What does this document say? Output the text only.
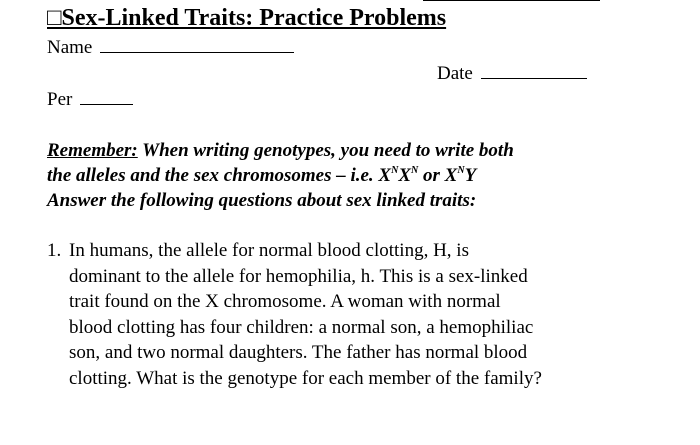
□Sex-Linked Traits: Practice Problems
Name
Date
Per
Remember: When writing genotypes, you need to write both
the alleles and the sex chromosomes – i.e. $X^NX^N$ or $X^NY$
Answer the following questions about sex linked traits:
1. In humans, the allele for normal blood clotting, H, is
dominant to the allele for hemophilia, h. This is a sex-linked
trait found on the X chromosome. A woman with normal
blood clotting has four children: a normal son, a hemophiliac
son, and two normal daughters. The father has normal blood
clotting. What is the genotype for each member of the family?
